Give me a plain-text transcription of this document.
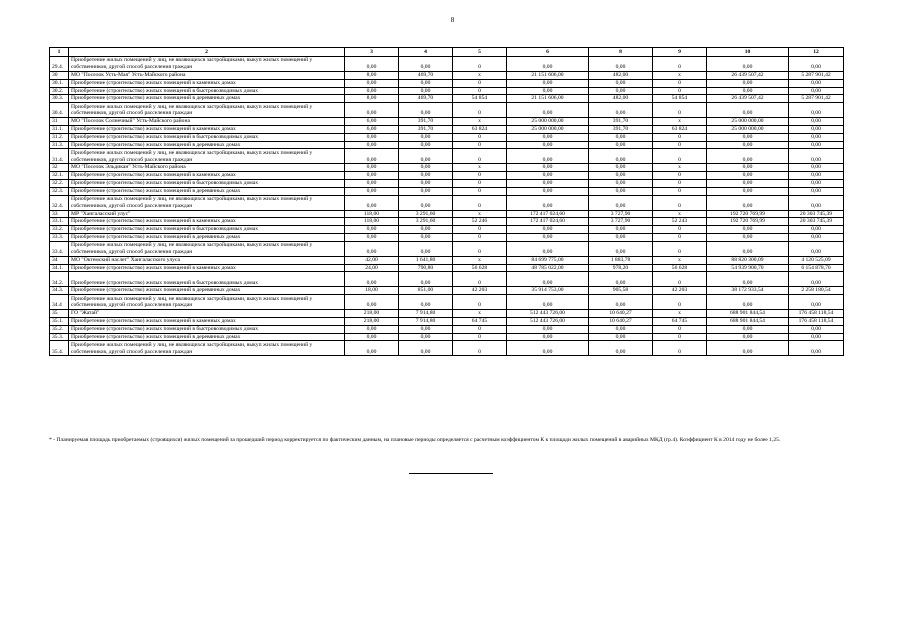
8
1	2	3	4	5	6	8	9	10	12
29.4.	Приобретение жилых помещений у лиц, не являющихся застройщиками, выкуп жилых помещений у собственников, другой способ расселения граждан	0,00	0,00	0	0,00	0,00	0	0,00	0,00
30	МО "Поселок Усть-Мая" Усть-Майского района	8,00	469,70	х	21 151 606,00	482,00	х	26 439 507,42	5 287 901,42
30.1.	Приобретение (строительство) жилых помещений в каменных домах	0,00	0,00	0	0,00	0,00	0	0,00	0,00
30.2.	Приобретение (строительство) жилых помещений в быстровозводимых домах	0,00	0,00	0	0,00	0,00	0	0,00	0,00
30.3.	Приобретение (строительство) жилых помещений в деревянных домах	8,00	469,70	54 854	21 151 606,00	482,00	54 854	26 439 507,42	5 287 901,42
30.4.	Приобретение жилых помещений у лиц, не являющихся застройщиками, выкуп жилых помещений у собственников, другой способ расселения граждан	0,00	0,00	0	0,00	0,00	0	0,00	0,00
31	МО "Поселок Солнечный" Усть-Майского района	6,00	391,70	х	25 000 000,00	391,70	х	25 000 000,00	0,00
31.1.	Приобретение (строительство) жилых помещений в каменных домах	6,00	391,70	63 824	25 000 000,00	391,70	63 824	25 000 000,00	0,00
31.2.	Приобретение (строительство) жилых помещений в быстровозводимых домах	0,00	0,00	0	0,00	0,00	0	0,00	0,00
31.3.	Приобретение (строительство) жилых помещений в деревянных домах	0,00	0,00	0	0,00	0,00	0	0,00	0,00
31.4.	Приобретение жилых помещений у лиц, не являющихся застройщиками, выкуп жилых помещений у собственников, другой способ расселения граждан	0,00	0,00	0	0,00	0,00	0	0,00	0,00
32	МО "Поселок Эльдикан" Усть-Майского района	0,00	0,00	х	0,00	0,00	х	0,00	0,00
32.1.	Приобретение (строительство) жилых помещений в каменных домах	0,00	0,00	0	0,00	0,00	0	0,00	0,00
32.2.	Приобретение (строительство) жилых помещений в быстровозводимых домах	0,00	0,00	0	0,00	0,00	0	0,00	0,00
32.3.	Приобретение (строительство) жилых помещений в деревянных домах	0,00	0,00	0	0,00	0,00	0	0,00	0,00
32.4.	Приобретение жилых помещений у лиц, не являющихся застройщиками, выкуп жилых помещений у собственников, другой способ расселения граждан	0,00	0,00	0	0,00	0,00	0	0,00	0,00
33	МР "Хангаласский улус"	118,00	3 291,60	х	172 417 024,60	3 727,90	х	192 720 769,99	20 303 745,39
33.1.	Приобретение (строительство) жилых помещений в каменных домах	118,00	3 291,60	52 246	172 417 024,60	3 727,90	52 243	192 720 769,99	20 303 745,39
33.2.	Приобретение (строительство) жилых помещений в быстровозводимых домах	0,00	0,00	0	0,00	0,00	0	0,00	0,00
33.3.	Приобретение (строительство) жилых помещений в деревянных домах	0,00	0,00	0	0,00	0,00	0	0,00	0,00
33.4.	Приобретение жилых помещений у лиц, не являющихся застройщиками, выкуп жилых помещений у собственников, другой способ расселения граждан	0,00	0,00	0	0,00	0,00	0	0,00	0,00
34	МО "Октемский наслег" Хангаласского улуса	42,00	1 641,80	х	84 699 775,00	1 883,78	х	88 820 300,09	4 120 525,09
34.1.	Приобретение (строительство) жилых помещений в каменных домах	24,00	790,80	56 628	48 785 022,00	978,20	56 628	54 939 900,70	6 154 878,70
34.2.	Приобретение (строительство) жилых помещений в быстровозводимых домах	0,00	0,00	0	0,00	0,00	0	0,00	0,00
34.3.	Приобретение (строительство) жилых помещений в деревянных домах	18,00	851,00	42 203	35 914 753,00	905,58	42 203	38 172 933,54	2 258 180,54
34.4	Приобретение жилых помещений у лиц, не являющихся застройщиками, выкуп жилых помещений у собственников, другой способ расселения граждан	0,00	0,00	0	0,00	0,00	0	0,00	0,00
35	ГО "Жатай"	218,00	7 914,80	х	512 443 726,00	10 640,27	х	688 901 844,54	176 458 118,54
35.1.	Приобретение (строительство) жилых помещений в каменных домах	218,00	7 914,80	64 745	512 443 726,00	10 640,27	64 745	688 901 844,54	176 458 118,54
35.2.	Приобретение (строительство) жилых помещений в быстровозводимых домах	0,00	0,00	0	0,00	0,00	0	0,00	0,00
35.3.	Приобретение (строительство) жилых помещений в деревянных домах	0,00	0,00	0	0,00	0,00	0	0,00	0,00
35.4.	Приобретение жилых помещений у лиц, не являющихся застройщиками, выкуп жилых помещений у собственников, другой способ расселения граждан	0,00	0,00	0	0,00	0,00	0	0,00	0,00
* - Планируемая площадь приобретаемых (строящихся) жилых помещений за прошедший период корректируется по фактическим данным, на плановые периоды определяется с расчетным коэффициентом К к площади жилых помещений в аварийных МКД (гр.4). Коэффициент К в 2014 году не более 1,25.
